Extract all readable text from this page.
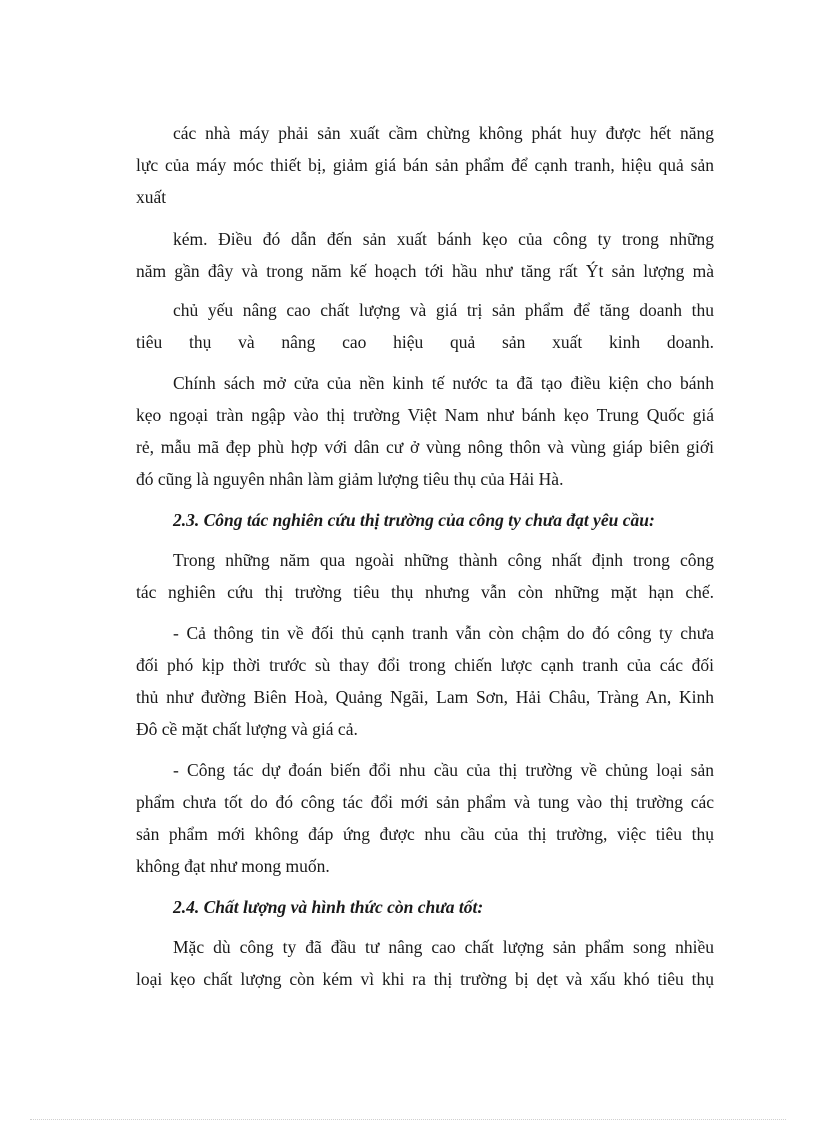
các nhà máy phải sản xuất cầm chừng không phát huy được hết năng
lực của máy móc thiết bị, giảm giá bán sản phẩm để cạnh tranh, hiệu quả sản
xuất
kém. Điều đó dẫn đến sản xuất bánh kẹo của công ty trong những
năm gần đây và trong năm kế hoạch tới hầu như tăng rất Ýt sản lượng mà
chủ yếu nâng cao chất lượng và giá trị sản phẩm để tăng doanh thu
tiêu thụ và nâng cao hiệu quả sản xuất kinh doanh.
Chính sách mở cửa của nền kinh tế nước ta đã tạo điều kiện cho bánh
kẹo ngoại tràn ngập vào thị trường Việt Nam như bánh kẹo Trung Quốc giá
rẻ, mẫu mã đẹp phù hợp với dân cư ở vùng nông thôn và vùng giáp biên giới
đó cũng là nguyên nhân làm giảm lượng tiêu thụ của Hải Hà.
2.3. Công tác nghiên cứu thị trường của công ty chưa đạt yêu cầu:
Trong những năm qua ngoài những thành công nhất định trong công
tác nghiên cứu thị trường tiêu thụ nhưng vẫn còn những mặt hạn chế.
- Cả thông tin về đối thủ cạnh tranh vẫn còn chậm do đó công ty chưa
đối phó kịp thời trước sù thay đổi trong chiến lược cạnh tranh của các đối
thủ như đường Biên Hoà, Quảng Ngãi, Lam Sơn, Hải Châu, Tràng An, Kinh
Đô cề mặt chất lượng và giá cả.
- Công tác dự đoán biến đổi nhu cầu của thị trường về chủng loại sản
phẩm chưa tốt do đó công tác đổi mới sản phẩm và tung vào thị trường các
sản phẩm mới không đáp ứng được nhu cầu của thị trường, việc tiêu thụ
không đạt như mong muốn.
2.4. Chất lượng và hình thức còn chưa tốt:
Mặc dù công ty đã đầu tư nâng cao chất lượng sản phẩm song nhiều
loại kẹo chất lượng còn kém vì khi ra thị trường bị dẹt và xấu khó tiêu thụ
